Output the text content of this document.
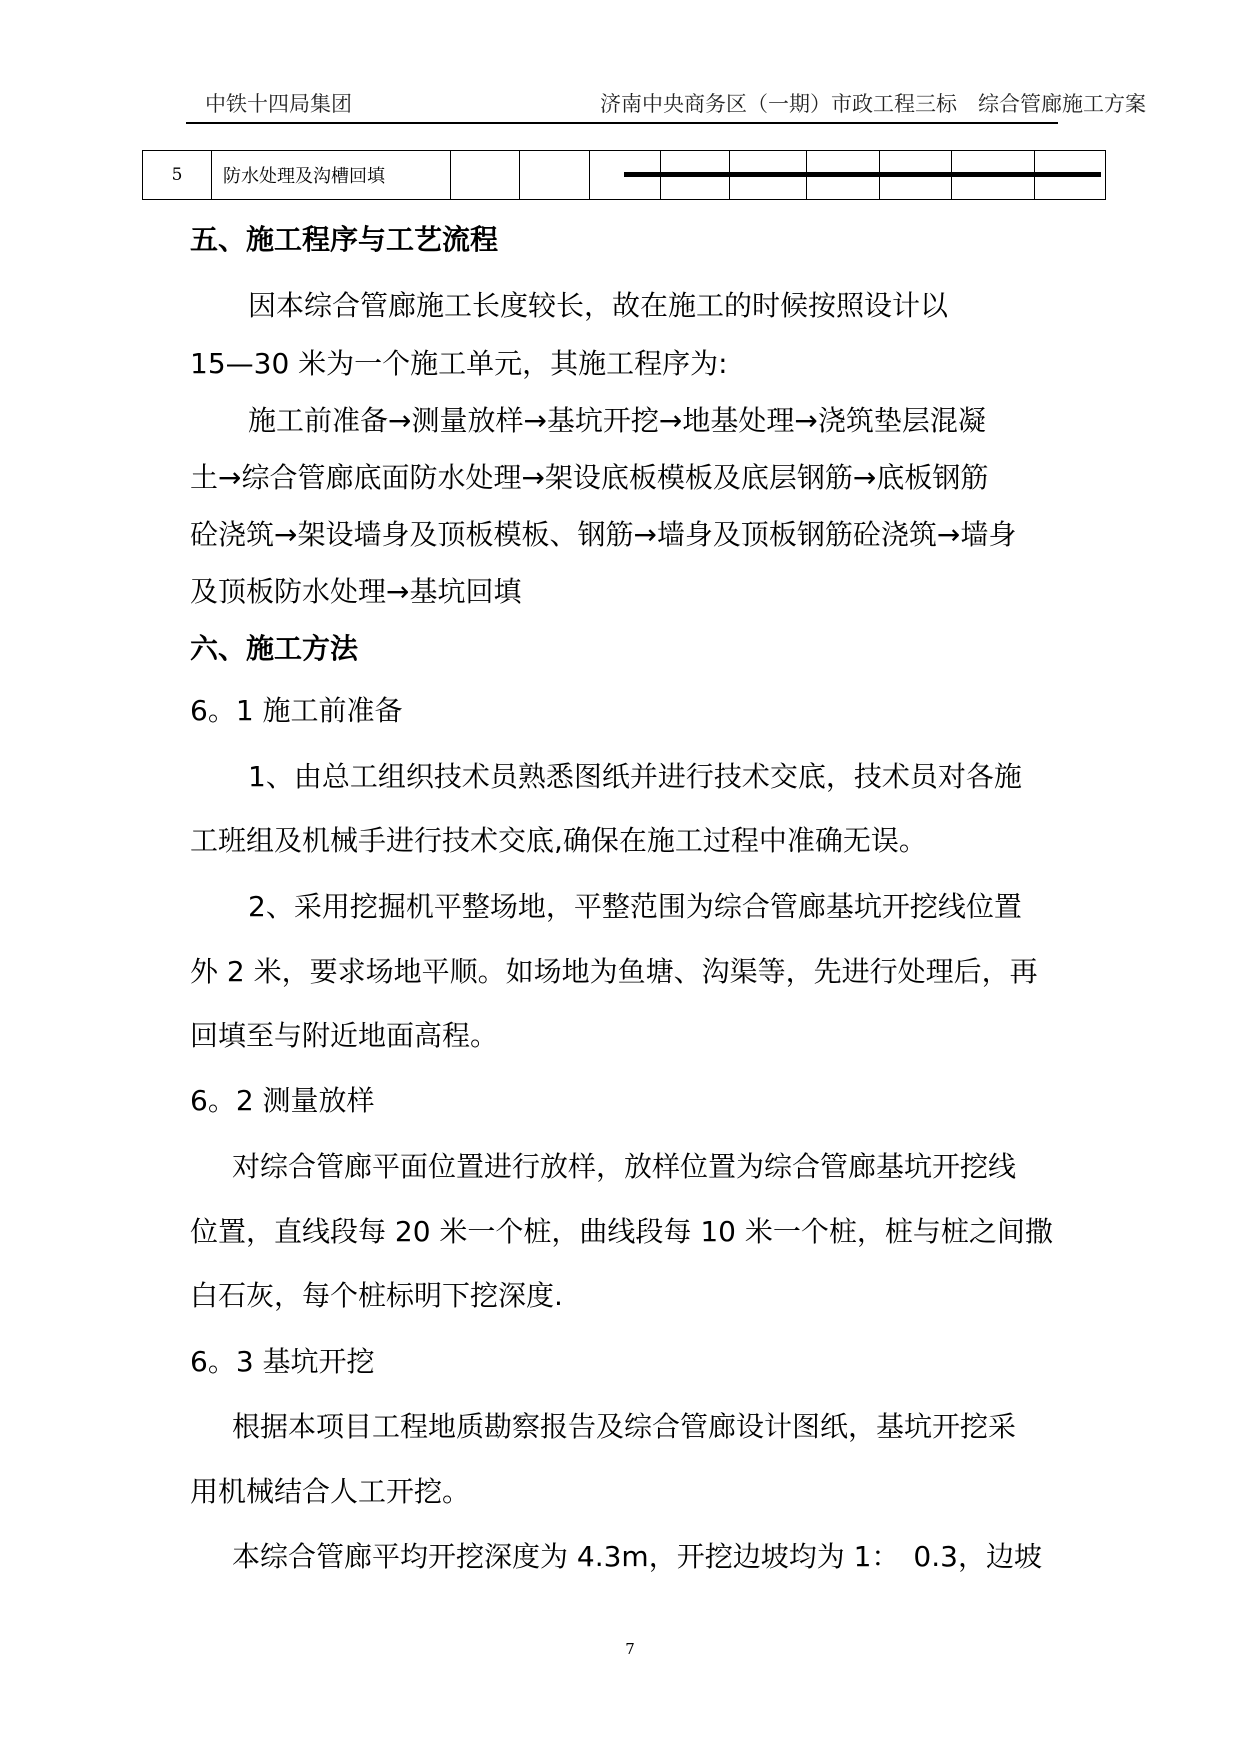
中铁十四局集团	济南中央商务区（一期）市政工程三标　综合管廊施工方案
5	防水处理及沟槽回填
五、施工程序与工艺流程
因本综合管廊施工长度较长，故在施工的时候按照设计以
15—30 米为一个施工单元，其施工程序为:
施工前准备→测量放样→基坑开挖→地基处理→浇筑垫层混凝
土→综合管廊底面防水处理→架设底板模板及底层钢筋→底板钢筋
砼浇筑→架设墙身及顶板模板、钢筋→墙身及顶板钢筋砼浇筑→墙身
及顶板防水处理→基坑回填
六、施工方法
6。1 施工前准备
1、由总工组织技术员熟悉图纸并进行技术交底，技术员对各施
工班组及机械手进行技术交底,确保在施工过程中准确无误。
2、采用挖掘机平整场地，平整范围为综合管廊基坑开挖线位置
外 2 米，要求场地平顺。如场地为鱼塘、沟渠等，先进行处理后，再
回填至与附近地面高程。
6。2 测量放样
对综合管廊平面位置进行放样，放样位置为综合管廊基坑开挖线
位置，直线段每 20 米一个桩，曲线段每 10 米一个桩，桩与桩之间撒
白石灰，每个桩标明下挖深度.
6。3 基坑开挖
根据本项目工程地质勘察报告及综合管廊设计图纸，基坑开挖采
用机械结合人工开挖。
本综合管廊平均开挖深度为 4.3m，开挖边坡均为 1：　0.3，边坡
7
